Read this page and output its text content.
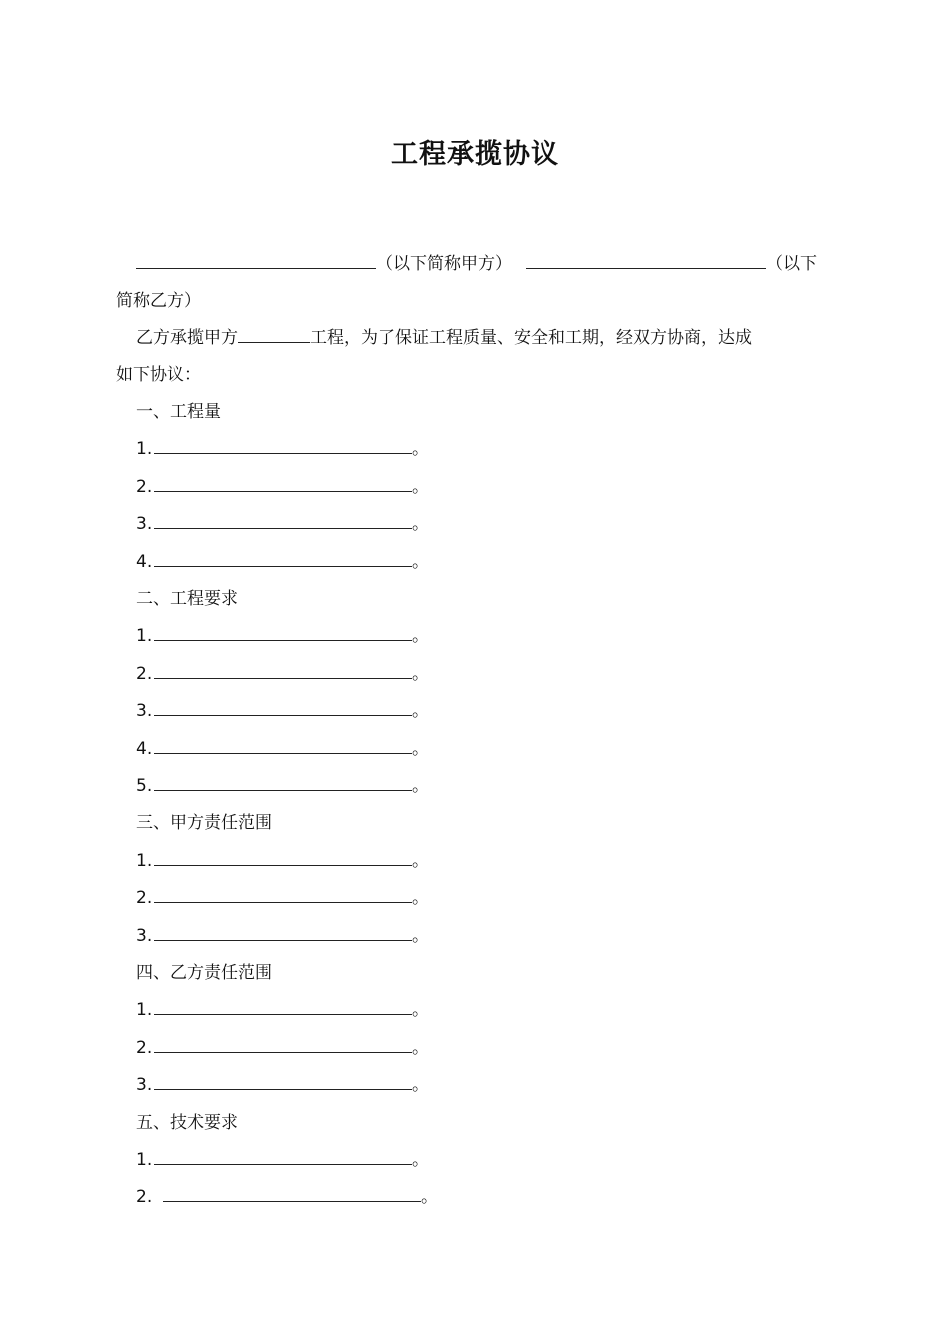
工程承揽协议
（以下简称甲方）	（以下
简称乙方）
乙方承揽甲方	工程，为了保证工程质量、安全和工期，经双方协商，达成
如下协议：
一、工程量
1.	。
2.	。
3.	。
4.	。
二、工程要求
1.	。
2.	。
3.	。
4.	。
5.	。
三、甲方责任范围
1.	。
2.	。
3.	。
四、乙方责任范围
1.	。
2.	。
3.	。
五、技术要求
1.	。
2.	。
